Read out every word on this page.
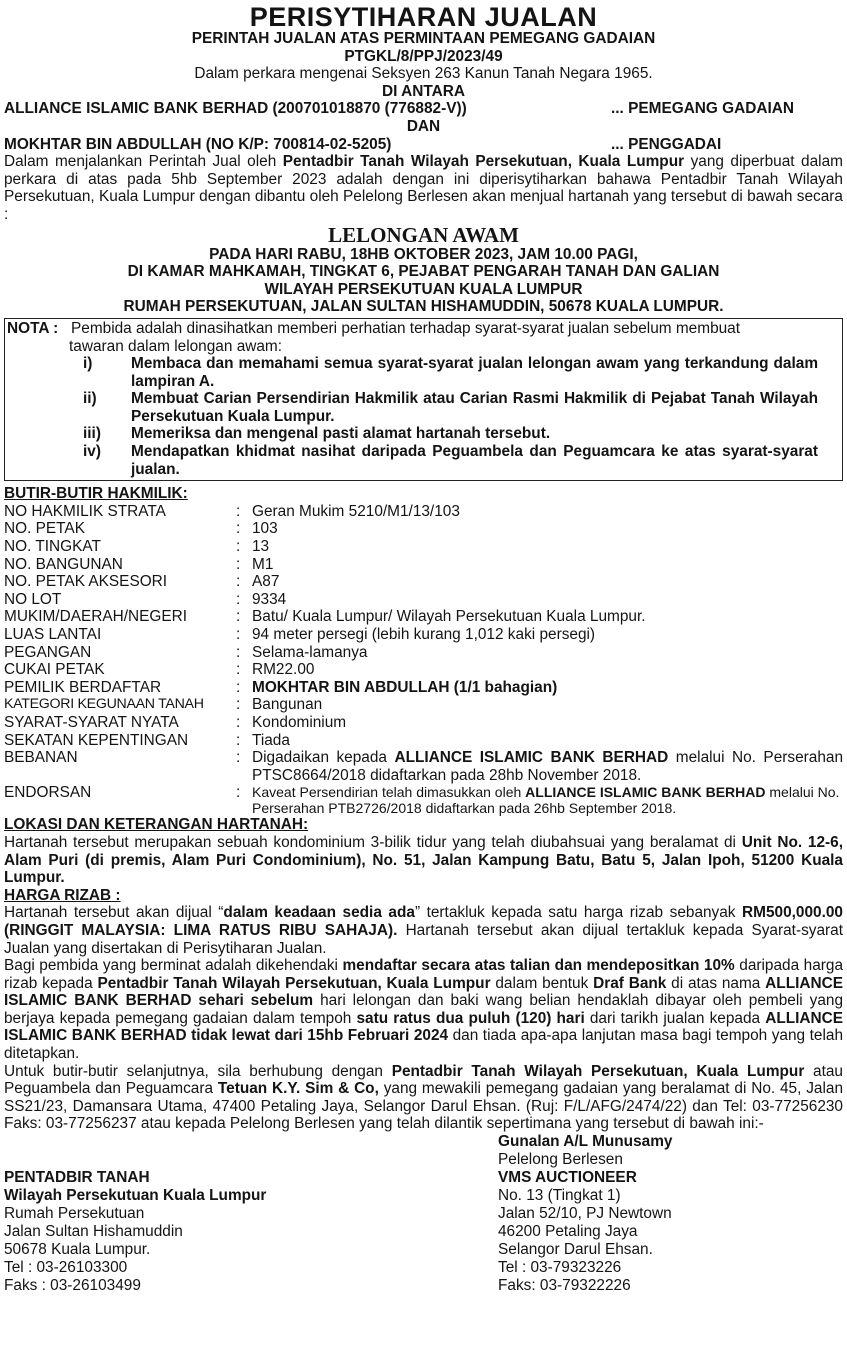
PERISYTIHARAN JUALAN
PERINTAH JUALAN ATAS PERMINTAAN PEMEGANG GADAIAN
PTGKL/8/PPJ/2023/49
Dalam perkara mengenai Seksyen 263 Kanun Tanah Negara 1965.
DI ANTARA
ALLIANCE ISLAMIC BANK BERHAD (200701018870 (776882-V))	... PEMEGANG GADAIAN
DAN
MOKHTAR BIN ABDULLAH (NO K/P: 700814-02-5205)	... PENGGADAI
Dalam menjalankan Perintah Jual oleh Pentadbir Tanah Wilayah Persekutuan, Kuala Lumpur yang diperbuat dalam perkara di atas pada 5hb September 2023 adalah dengan ini diperisytiharkan bahawa Pentadbir Tanah Wilayah Persekutuan, Kuala Lumpur dengan dibantu oleh Pelelong Berlesen akan menjual hartanah yang tersebut di bawah secara :
LELONGAN AWAM
PADA HARI RABU, 18HB OKTOBER 2023, JAM 10.00 PAGI,
DI KAMAR MAHKAMAH, TINGKAT 6, PEJABAT PENGARAH TANAH DAN GALIAN
WILAYAH PERSEKUTUAN KUALA LUMPUR
RUMAH PERSEKUTUAN, JALAN SULTAN HISHAMUDDIN, 50678 KUALA LUMPUR.
NOTA : Pembida adalah dinasihatkan memberi perhatian terhadap syarat-syarat jualan sebelum membuat
tawaran dalam lelongan awam:
i)	Membaca dan memahami semua syarat-syarat jualan lelongan awam yang terkandung dalam lampiran A.
ii)	Membuat Carian Persendirian Hakmilik atau Carian Rasmi Hakmilik di Pejabat Tanah Wilayah Persekutuan Kuala Lumpur.
iii)	Memeriksa dan mengenal pasti alamat hartanah tersebut.
iv)	Mendapatkan khidmat nasihat daripada Peguambela dan Peguamcara ke atas syarat-syarat jualan.
BUTIR-BUTIR HAKMILIK:
NO HAKMILIK STRATA	: Geran Mukim 5210/M1/13/103
NO. PETAK	: 103
NO. TINGKAT	: 13
NO. BANGUNAN	: M1
NO. PETAK AKSESORI	: A87
NO LOT	: 9334
MUKIM/DAERAH/NEGERI	: Batu/ Kuala Lumpur/ Wilayah Persekutuan Kuala Lumpur.
LUAS LANTAI	: 94 meter persegi (lebih kurang 1,012 kaki persegi)
PEGANGAN	: Selama-lamanya
CUKAI PETAK	: RM22.00
PEMILIK BERDAFTAR	: MOKHTAR BIN ABDULLAH (1/1 bahagian)
KATEGORI KEGUNAAN TANAH	: Bangunan
SYARAT-SYARAT NYATA	: Kondominium
SEKATAN KEPENTINGAN	: Tiada
BEBANAN	: Digadaikan kepada ALLIANCE ISLAMIC BANK BERHAD melalui No. Perserahan PTSC8664/2018 didaftarkan pada 28hb November 2018.
ENDORSAN	: Kaveat Persendirian telah dimasukkan oleh ALLIANCE ISLAMIC BANK BERHAD melalui No. Perserahan PTB2726/2018 didaftarkan pada 26hb September 2018.
LOKASI DAN KETERANGAN HARTANAH:
Hartanah tersebut merupakan sebuah kondominium 3-bilik tidur yang telah diubahsuai yang beralamat di Unit No. 12-6, Alam Puri (di premis, Alam Puri Condominium), No. 51, Jalan Kampung Batu, Batu 5, Jalan Ipoh, 51200 Kuala Lumpur.
HARGA RIZAB :
Hartanah tersebut akan dijual “dalam keadaan sedia ada” tertakluk kepada satu harga rizab sebanyak RM500,000.00 (RINGGIT MALAYSIA: LIMA RATUS RIBU SAHAJA). Hartanah tersebut akan dijual tertakluk kepada Syarat-syarat Jualan yang disertakan di Perisytiharan Jualan.
Bagi pembida yang berminat adalah dikehendaki mendaftar secara atas talian dan mendepositkan 10% daripada harga rizab kepada Pentadbir Tanah Wilayah Persekutuan, Kuala Lumpur dalam bentuk Draf Bank di atas nama ALLIANCE ISLAMIC BANK BERHAD sehari sebelum hari lelongan dan baki wang belian hendaklah dibayar oleh pembeli yang berjaya kepada pemegang gadaian dalam tempoh satu ratus dua puluh (120) hari dari tarikh jualan kepada ALLIANCE ISLAMIC BANK BERHAD tidak lewat dari 15hb Februari 2024 dan tiada apa-apa lanjutan masa bagi tempoh yang telah ditetapkan.
Untuk butir-butir selanjutnya, sila berhubung dengan Pentadbir Tanah Wilayah Persekutuan, Kuala Lumpur atau Peguambela dan Peguamcara Tetuan K.Y. Sim & Co, yang mewakili pemegang gadaian yang beralamat di No. 45, Jalan SS21/23, Damansara Utama, 47400 Petaling Jaya, Selangor Darul Ehsan. (Ruj: F/L/AFG/2474/22) dan Tel: 03-77256230 Faks: 03-77256237 atau kepada Pelelong Berlesen yang telah dilantik sepertimana yang tersebut di bawah ini:-
PENTADBIR TANAH
Wilayah Persekutuan Kuala Lumpur
Rumah Persekutuan
Jalan Sultan Hishamuddin
50678 Kuala Lumpur.
Tel : 03-26103300
Faks : 03-26103499
Gunalan A/L Munusamy
Pelelong Berlesen
VMS AUCTIONEER
No. 13 (Tingkat 1)
Jalan 52/10, PJ Newtown
46200 Petaling Jaya
Selangor Darul Ehsan.
Tel : 03-79323226
Faks: 03-79322226
